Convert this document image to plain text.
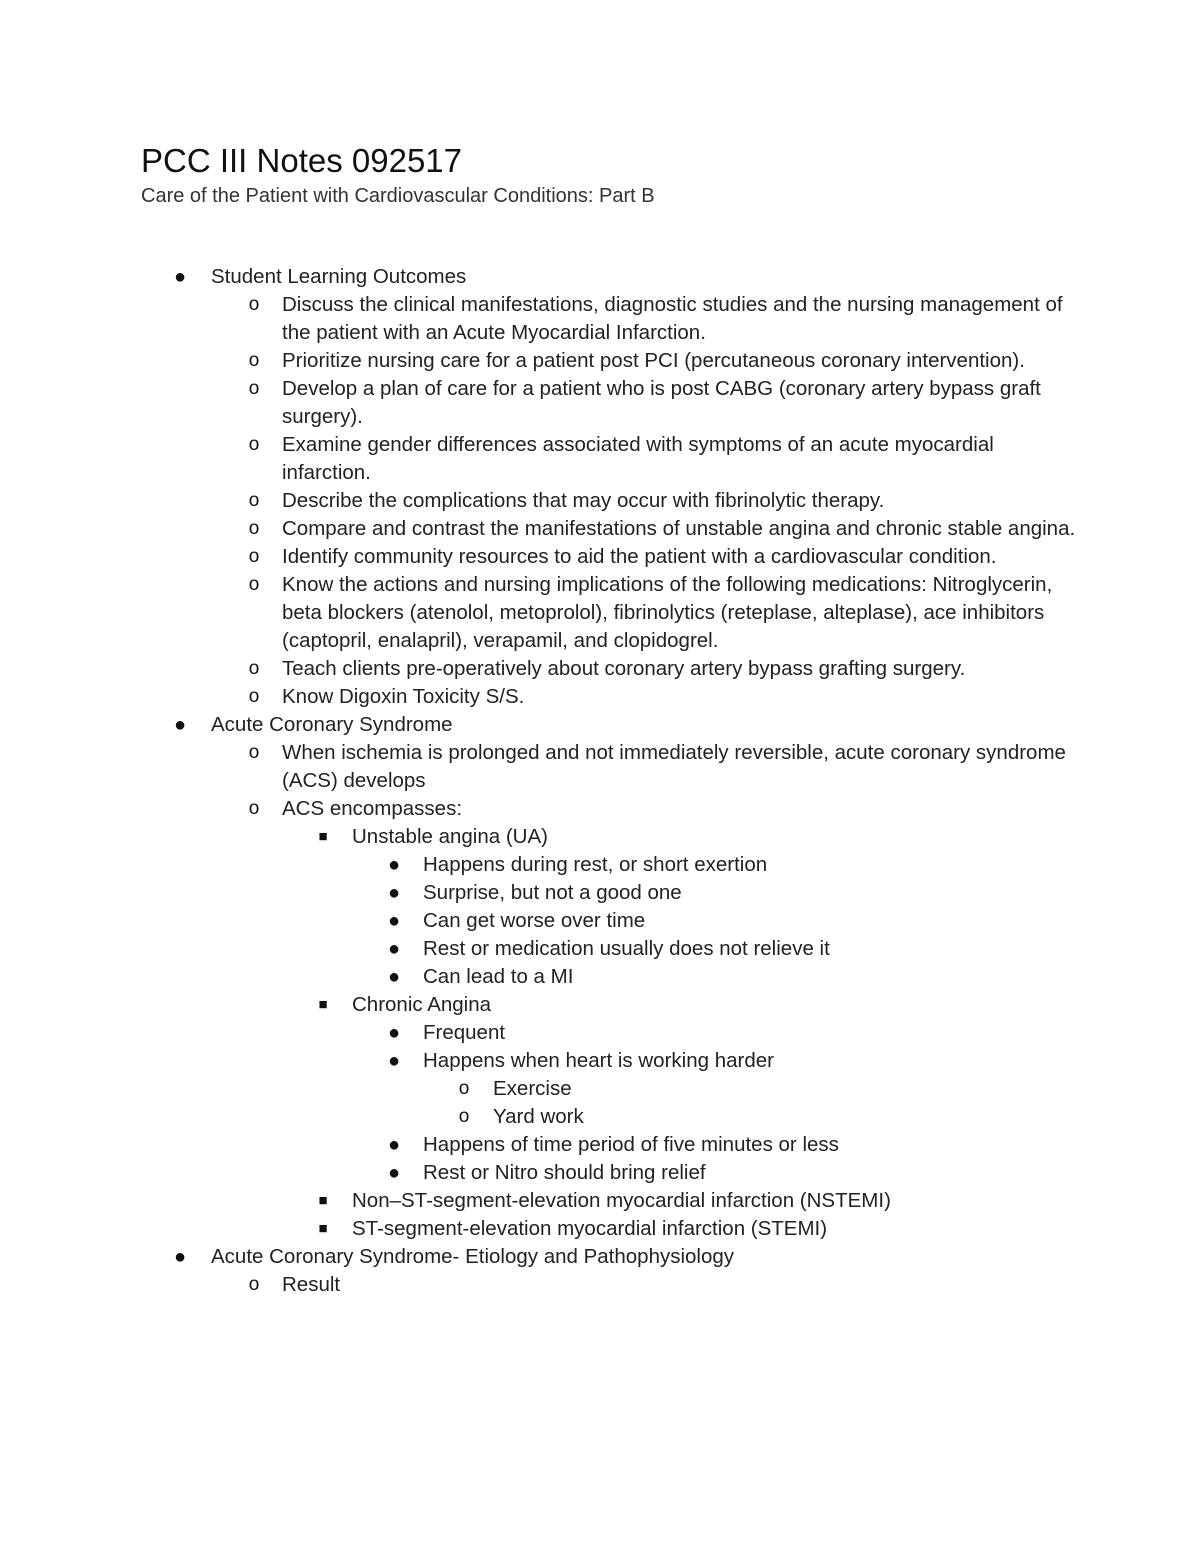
PCC III Notes 092517
Care of the Patient with Cardiovascular Conditions: Part B
● Student Learning Outcomes
o Discuss the clinical manifestations, diagnostic studies and the nursing management of the patient with an Acute Myocardial Infarction.
o Prioritize nursing care for a patient post PCI (percutaneous coronary intervention).
o Develop a plan of care for a patient who is post CABG (coronary artery bypass graft surgery).
o Examine gender differences associated with symptoms of an acute myocardial infarction.
o Describe the complications that may occur with fibrinolytic therapy.
o Compare and contrast the manifestations of unstable angina and chronic stable angina.
o Identify community resources to aid the patient with a cardiovascular condition.
o Know the actions and nursing implications of the following medications: Nitroglycerin, beta blockers (atenolol, metoprolol), fibrinolytics (reteplase, alteplase), ace inhibitors (captopril, enalapril), verapamil, and clopidogrel.
o Teach clients pre-operatively about coronary artery bypass grafting surgery.
o Know Digoxin Toxicity S/S.
● Acute Coronary Syndrome
o When ischemia is prolonged and not immediately reversible, acute coronary syndrome (ACS) develops
o ACS encompasses:
■ Unstable angina (UA)
● Happens during rest, or short exertion
● Surprise, but not a good one
● Can get worse over time
● Rest or medication usually does not relieve it
● Can lead to a MI
■ Chronic Angina
● Frequent
● Happens when heart is working harder
o Exercise
o Yard work
● Happens of time period of five minutes or less
● Rest or Nitro should bring relief
■ Non–ST-segment-elevation myocardial infarction (NSTEMI)
■ ST-segment-elevation myocardial infarction (STEMI)
● Acute Coronary Syndrome- Etiology and Pathophysiology
o Result
